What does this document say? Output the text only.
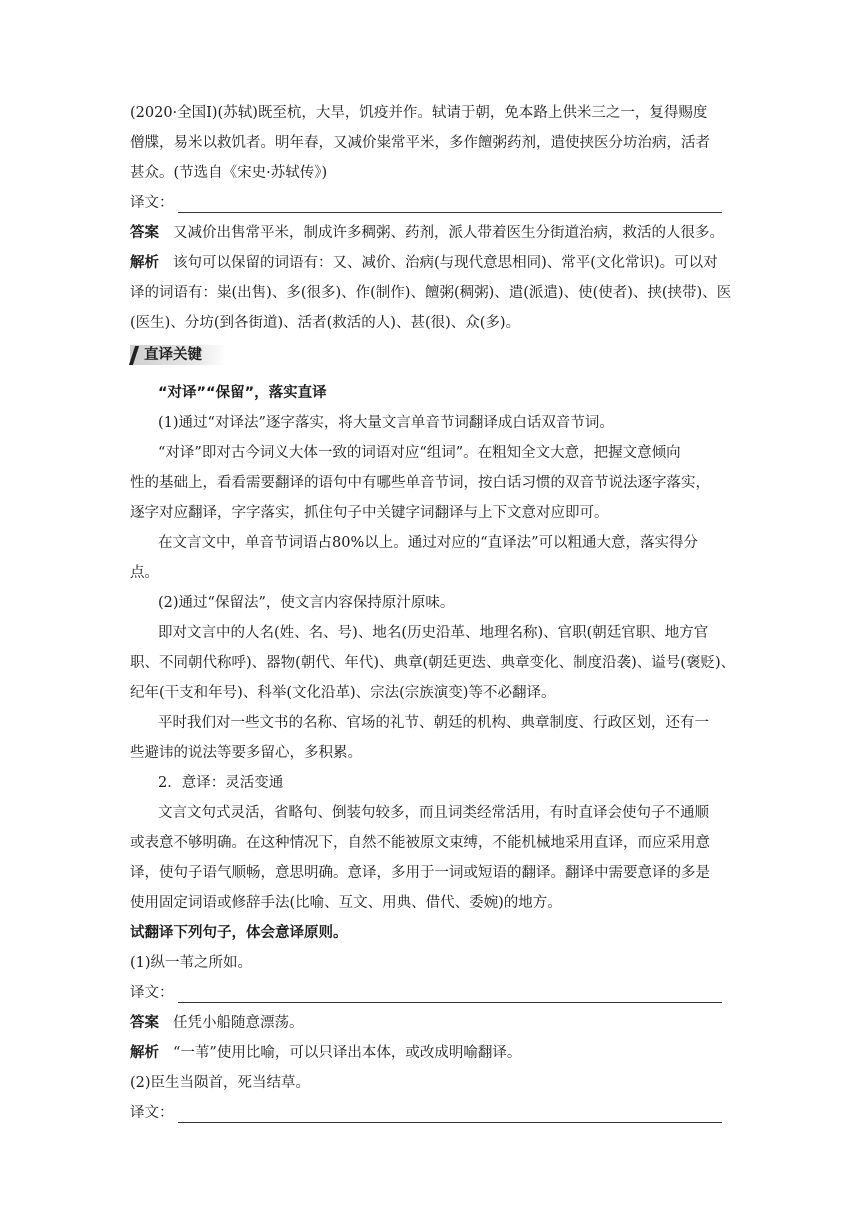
(2020·全国Ⅰ)(苏轼)既至杭，大旱，饥疫并作。轼请于朝，免本路上供米三之一，复得赐度
僧牒，易米以救饥者。明年春，又减价粜常平米，多作饘粥药剂，遣使挟医分坊治病，活者
甚众。(节选自《宋史·苏轼传》)
译文：
答案 又减价出售常平米，制成许多稠粥、药剂，派人带着医生分街道治病，救活的人很多。
解析 该句可以保留的词语有：又、减价、治病(与现代意思相同)、常平(文化常识)。可以对
译的词语有：粜(出售)、多(很多)、作(制作)、饘粥(稠粥)、遣(派遣)、使(使者)、挟(挟带)、医
(医生)、分坊(到各街道)、活者(救活的人)、甚(很)、众(多)。
直译关键
“对译”“保留”，落实直译
(1)通过“对译法”逐字落实，将大量文言单音节词翻译成白话双音节词。
“对译”即对古今词义大体一致的词语对应“组词”。在粗知全文大意，把握文意倾向
性的基础上，看看需要翻译的语句中有哪些单音节词，按白话习惯的双音节说法逐字落实，
逐字对应翻译，字字落实，抓住句子中关键字词翻译与上下文意对应即可。
在文言文中，单音节词语占80%以上。通过对应的“直译法”可以粗通大意，落实得分
点。
(2)通过“保留法”，使文言内容保持原汁原味。
即对文言中的人名(姓、名、号)、地名(历史沿革、地理名称)、官职(朝廷官职、地方官
职、不同朝代称呼)、器物(朝代、年代)、典章(朝廷更迭、典章变化、制度沿袭)、谥号(褒贬)、
纪年(干支和年号)、科举(文化沿革)、宗法(宗族演变)等不必翻译。
平时我们对一些文书的名称、官场的礼节、朝廷的机构、典章制度、行政区划，还有一
些避讳的说法等要多留心，多积累。
2．意译：灵活变通
文言文句式灵活，省略句、倒装句较多，而且词类经常活用，有时直译会使句子不通顺
或表意不够明确。在这种情况下，自然不能被原文束缚，不能机械地采用直译，而应采用意
译，使句子语气顺畅，意思明确。意译，多用于一词或短语的翻译。翻译中需要意译的多是
使用固定词语或修辞手法(比喻、互文、用典、借代、委婉)的地方。
试翻译下列句子，体会意译原则。
(1)纵一苇之所如。
译文：
答案 任凭小船随意漂荡。
解析 “一苇”使用比喻，可以只译出本体，或改成明喻翻译。
(2)臣生当陨首，死当结草。
译文：
